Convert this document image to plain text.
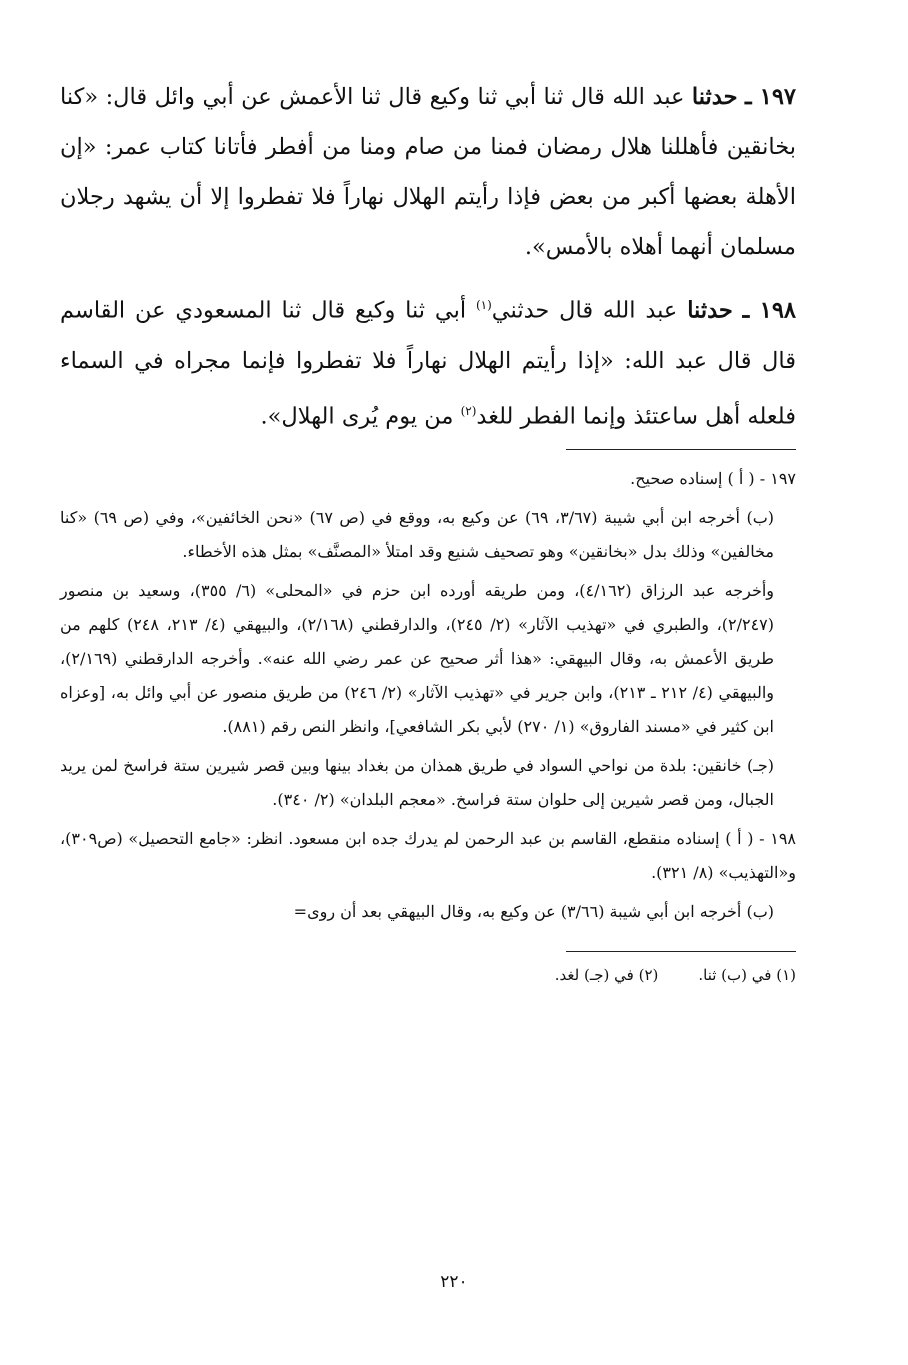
١٩٧ ـ حدثنا عبد الله قال ثنا أبي ثنا وكيع قال ثنا الأعمش عن أبي وائل قال: «كنا بخانقين فأهللنا هلال رمضان فمنا من صام ومنا من أفطر فأتانا كتاب عمر: «إن الأهلة بعضها أكبر من بعض فإذا رأيتم الهلال نهاراً فلا تفطروا إلا أن يشهد رجلان مسلمان أنهما أهلاه بالأمس».

١٩٨ ـ حدثنا عبد الله قال حدثني$^{(١)}$ أبي ثنا وكيع قال ثنا المسعودي عن القاسم قال قال عبد الله: «إذا رأيتم الهلال نهاراً فلا تفطروا فإنما مجراه في السماء فلعله أهل ساعتئذ وإنما الفطر للغد$^{(٢)}$ من يوم يُرى الهلال».

١٩٧ - ( أ ) إسناده صحيح.

(ب) أخرجه ابن أبي شيبة (٣/٦٧، ٦٩) عن وكيع به، ووقع في (ص ٦٧) «نحن الخائفين»، وفي (ص ٦٩) «كنا مخالفين» وذلك بدل «بخانقين» وهو تصحيف شنيع وقد امتلأ «المصنَّف» بمثل هذه الأخطاء.

وأخرجه عبد الرزاق (٤/١٦٢)، ومن طريقه أورده ابن حزم في «المحلى» (٦/ ٣٥٥)، وسعيد بن منصور (٢/٢٤٧)، والطبري في «تهذيب الآثار» (٢/ ٢٤٥)، والدارقطني (٢/١٦٨)، والبيهقي (٤/ ٢١٣، ٢٤٨) كلهم من طريق الأعمش به، وقال البيهقي: «هذا أثر صحيح عن عمر رضي الله عنه». وأخرجه الدارقطني (٢/١٦٩)، والبيهقي (٤/ ٢١٢ ـ ٢١٣)، وابن جرير في «تهذيب الآثار» (٢/ ٢٤٦) من طريق منصور عن أبي وائل به، [وعزاه ابن كثير في «مسند الفاروق» (١/ ٢٧٠) لأبي بكر الشافعي]، وانظر النص رقم (٨٨١).

(جـ) خانقين: بلدة من نواحي السواد في طريق همذان من بغداد بينها وبين قصر شيرين ستة فراسخ لمن يريد الجبال، ومن قصر شيرين إلى حلوان ستة فراسخ. «معجم البلدان» (٢/ ٣٤٠).

١٩٨ - ( أ ) إسناده منقطع، القاسم بن عبد الرحمن لم يدرك جده ابن مسعود. انظر: «جامع التحصيل» (ص٣٠٩)، و«التهذيب» (٨/ ٣٢١).

(ب) أخرجه ابن أبي شيبة (٣/٦٦) عن وكيع به، وقال البيهقي بعد أن روى=

(١) في (ب) ثنا.
(٢) في (جـ) لغد.
٢٢٠
